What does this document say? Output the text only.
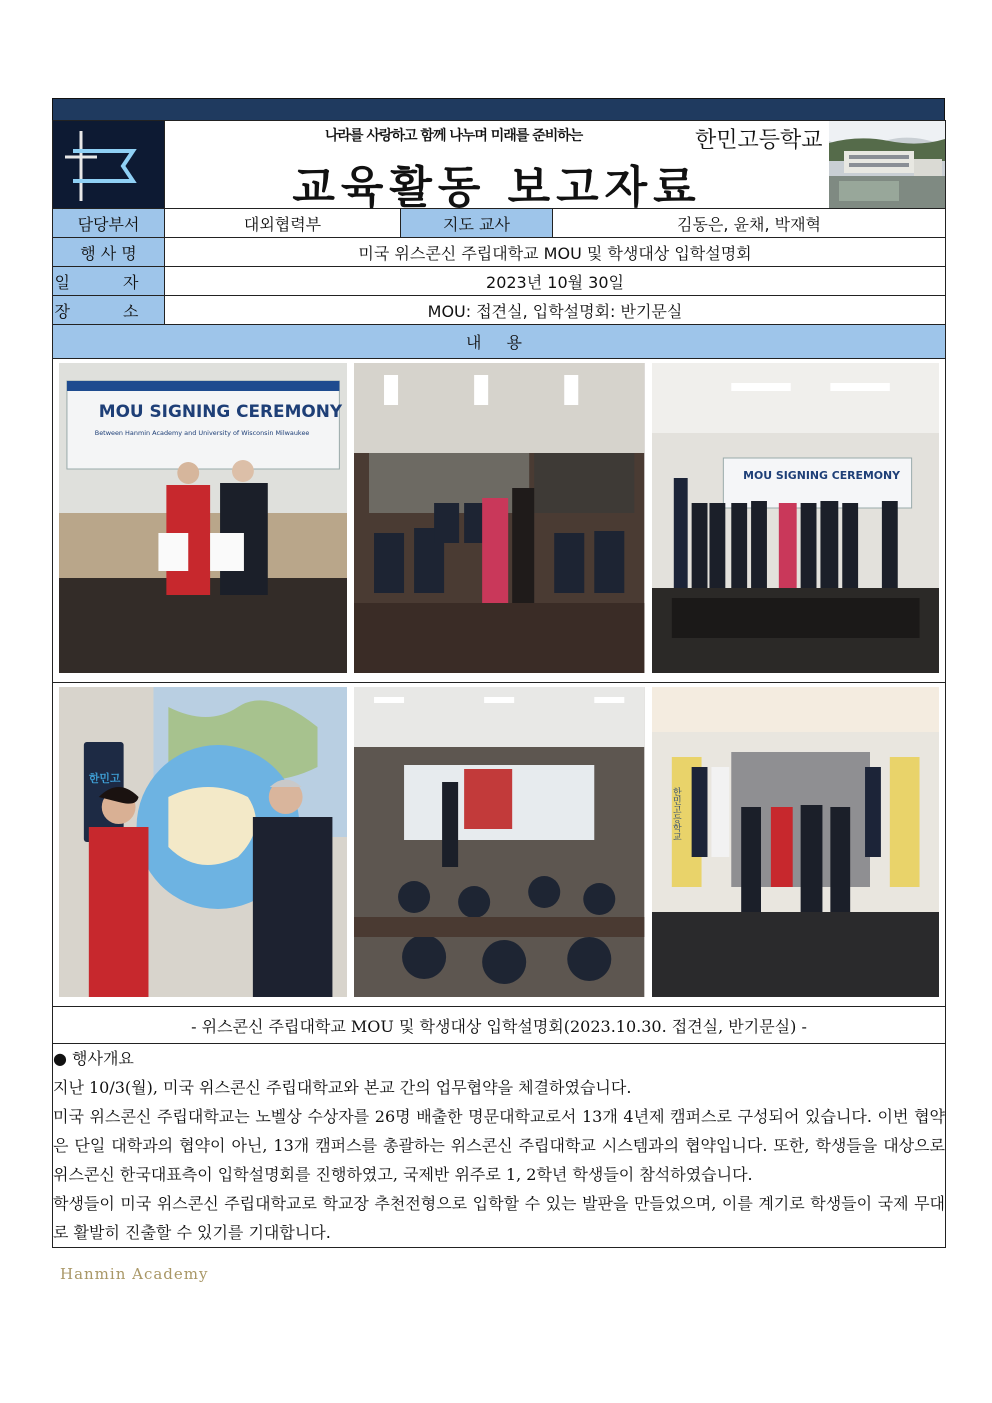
나라를 사랑하고 함께 나누며 미래를 준비하는	한민고등학교
교육활동 보고자료

담당부서	대외협력부	지도 교사	김동은, 윤채, 박재혁
행 사 명	미국 위스콘신 주립대학교 MOU 및 학생대상 입학설명회
일 자	2023년 10월 30일
장 소	MOU: 접견실, 입학설명회: 반기문실
내 용

MOU SIGNING CEREMONY
Between Hanmin Academy and University of Wisconsin Milwaukee

MOU SIGNING CEREMONY

한민고

한민고등학교

- 위스콘신 주립대학교 MOU 및 학생대상 입학설명회(2023.10.30. 접견실, 반기문실) -

● 행사개요

지난 10/3(월), 미국 위스콘신 주립대학교와 본교 간의 업무협약을 체결하였습니다.

미국 위스콘신 주립대학교는 노벨상 수상자를 26명 배출한 명문대학교로서 13개 4년제 캠퍼스로 구성되어 있습니다. 이번 협약은 단일 대학과의 협약이 아닌, 13개 캠퍼스를 총괄하는 위스콘신 주립대학교 시스템과의 협약입니다. 또한, 학생들을 대상으로 위스콘신 한국대표측이 입학설명회를 진행하였고, 국제반 위주로 1, 2학년 학생들이 참석하였습니다.

학생들이 미국 위스콘신 주립대학교로 학교장 추천전형으로 입학할 수 있는 발판을 만들었으며, 이를 계기로 학생들이 국제 무대로 활발히 진출할 수 있기를 기대합니다.

Hanmin Academy
